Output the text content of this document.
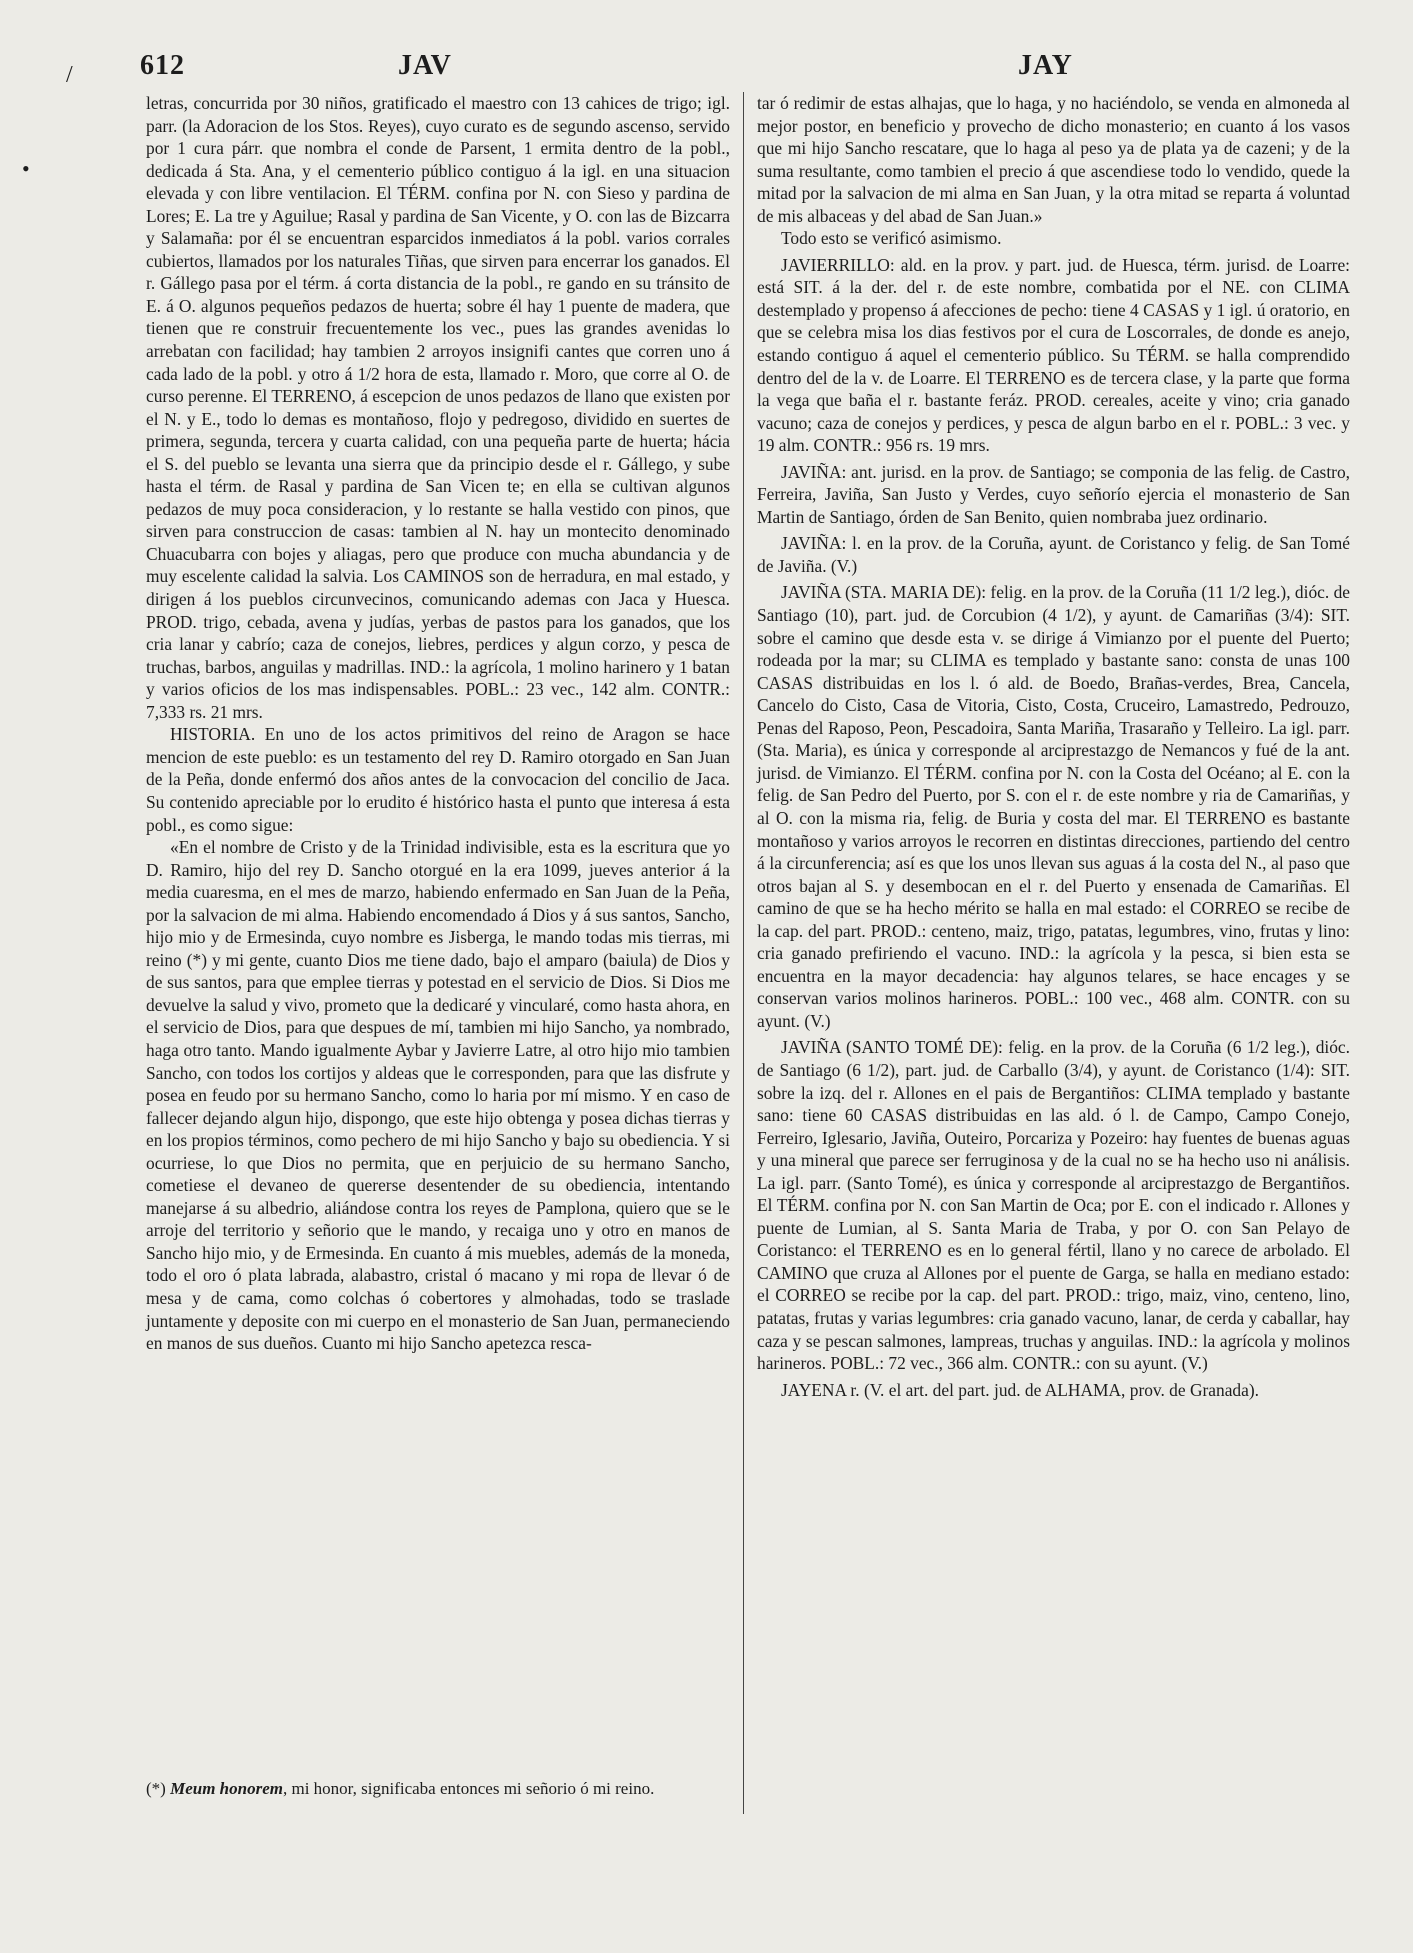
/
•
612	JAV	JAY

letras, concurrida por 30 niños, gratificado el maestro con 13 cahices de trigo; igl. parr. (la Adoracion de los Stos. Reyes), cuyo curato es de segundo ascenso, servido por 1 cura párr. que nombra el conde de Parsent, 1 ermita dentro de la pobl., dedicada á Sta. Ana, y el cementerio público contiguo á la igl. en una situacion elevada y con libre ventilacion. El TÉRM. confina por N. con Sieso y pardina de Lores; E. La tre y Aguilue; Rasal y pardina de San Vicente, y O. con las de Bizcarra y Salamaña: por él se encuentran esparcidos inmediatos á la pobl. varios corrales cubiertos, llamados por los naturales Tiñas, que sirven para encerrar los ganados. El r. Gállego pasa por el térm. á corta distancia de la pobl., re gando en su tránsito de E. á O. algunos pequeños pedazos de huerta; sobre él hay 1 puente de madera, que tienen que re construir frecuentemente los vec., pues las grandes avenidas lo arrebatan con facilidad; hay tambien 2 arroyos insignifi cantes que corren uno á cada lado de la pobl. y otro á 1/2 hora de esta, llamado r. Moro, que corre al O. de curso perenne. El TERRENO, á escepcion de unos pedazos de llano que existen por el N. y E., todo lo demas es montañoso, flojo y pedregoso, dividido en suertes de primera, segunda, tercera y cuarta calidad, con una pequeña parte de huerta; hácia el S. del pueblo se levanta una sierra que da principio desde el r. Gállego, y sube hasta el térm. de Rasal y pardina de San Vicen te; en ella se cultivan algunos pedazos de muy poca consideracion, y lo restante se halla vestido con pinos, que sirven para construccion de casas: tambien al N. hay un montecito denominado Chuacubarra con bojes y aliagas, pero que produce con mucha abundancia y de muy escelente calidad la salvia. Los CAMINOS son de herradura, en mal estado, y dirigen á los pueblos circunvecinos, comunicando ademas con Jaca y Huesca. PROD. trigo, cebada, avena y judías, yerbas de pastos para los ganados, que los cria lanar y cabrío; caza de conejos, liebres, perdices y algun corzo, y pesca de truchas, barbos, anguilas y madrillas. IND.: la agrícola, 1 molino harinero y 1 batan y varios oficios de los mas indispensables. POBL.: 23 vec., 142 alm. CONTR.: 7,333 rs. 21 mrs.

HISTORIA. En uno de los actos primitivos del reino de Aragon se hace mencion de este pueblo: es un testamento del rey D. Ramiro otorgado en San Juan de la Peña, donde enfermó dos años antes de la convocacion del concilio de Jaca. Su contenido apreciable por lo erudito é histórico hasta el punto que interesa á esta pobl., es como sigue:

«En el nombre de Cristo y de la Trinidad indivisible, esta es la escritura que yo D. Ramiro, hijo del rey D. Sancho otorgué en la era 1099, jueves anterior á la media cuaresma, en el mes de marzo, habiendo enfermado en San Juan de la Peña, por la salvacion de mi alma. Habiendo encomendado á Dios y á sus santos, Sancho, hijo mio y de Ermesinda, cuyo nombre es Jisberga, le mando todas mis tierras, mi reino (*) y mi gente, cuanto Dios me tiene dado, bajo el amparo (baiula) de Dios y de sus santos, para que emplee tierras y potestad en el servicio de Dios. Si Dios me devuelve la salud y vivo, prometo que la dedicaré y vincularé, como hasta ahora, en el servicio de Dios, para que despues de mí, tambien mi hijo Sancho, ya nombrado, haga otro tanto. Mando igualmente Aybar y Javierre Latre, al otro hijo mio tambien Sancho, con todos los cortijos y aldeas que le corresponden, para que las disfrute y posea en feudo por su hermano Sancho, como lo haria por mí mismo. Y en caso de fallecer dejando algun hijo, dispongo, que este hijo obtenga y posea dichas tierras y en los propios términos, como pechero de mi hijo Sancho y bajo su obediencia. Y si ocurriese, lo que Dios no permita, que en perjuicio de su hermano Sancho, cometiese el devaneo de quererse desentender de su obediencia, intentando manejarse á su albedrio, aliándose contra los reyes de Pamplona, quiero que se le arroje del territorio y señorio que le mando, y recaiga uno y otro en manos de Sancho hijo mio, y de Ermesinda. En cuanto á mis muebles, además de la moneda, todo el oro ó plata labrada, alabastro, cristal ó macano y mi ropa de llevar ó de mesa y de cama, como colchas ó cobertores y almohadas, todo se traslade juntamente y deposite con mi cuerpo en el monasterio de San Juan, permaneciendo en manos de sus dueños. Cuanto mi hijo Sancho apetezca resca-

(*) Meum honorem, mi honor, significaba entonces mi señorio ó mi reino.

tar ó redimir de estas alhajas, que lo haga, y no haciéndolo, se venda en almoneda al mejor postor, en beneficio y provecho de dicho monasterio; en cuanto á los vasos que mi hijo Sancho rescatare, que lo haga al peso ya de plata ya de cazeni; y de la suma resultante, como tambien el precio á que ascendiese todo lo vendido, quede la mitad por la salvacion de mi alma en San Juan, y la otra mitad se reparta á voluntad de mis albaceas y del abad de San Juan.»

Todo esto se verificó asimismo.

JAVIERRILLO: ald. en la prov. y part. jud. de Huesca, térm. jurisd. de Loarre: está SIT. á la der. del r. de este nombre, combatida por el NE. con CLIMA destemplado y propenso á afecciones de pecho: tiene 4 CASAS y 1 igl. ú oratorio, en que se celebra misa los dias festivos por el cura de Loscorrales, de donde es anejo, estando contiguo á aquel el cementerio público. Su TÉRM. se halla comprendido dentro del de la v. de Loarre. El TERRENO es de tercera clase, y la parte que forma la vega que baña el r. bastante feráz. PROD. cereales, aceite y vino; cria ganado vacuno; caza de conejos y perdices, y pesca de algun barbo en el r. POBL.: 3 vec. y 19 alm. CONTR.: 956 rs. 19 mrs.

JAVIÑA: ant. jurisd. en la prov. de Santiago; se componia de las felig. de Castro, Ferreira, Javiña, San Justo y Verdes, cuyo señorío ejercia el monasterio de San Martin de Santiago, órden de San Benito, quien nombraba juez ordinario.

JAVIÑA: l. en la prov. de la Coruña, ayunt. de Coristanco y felig. de San Tomé de Javiña. (V.)

JAVIÑA (STA. MARIA DE): felig. en la prov. de la Coruña (11 1/2 leg.), dióc. de Santiago (10), part. jud. de Corcubion (4 1/2), y ayunt. de Camariñas (3/4): SIT. sobre el camino que desde esta v. se dirige á Vimianzo por el puente del Puerto; rodeada por la mar; su CLIMA es templado y bastante sano: consta de unas 100 CASAS distribuidas en los l. ó ald. de Boedo, Brañas-verdes, Brea, Cancela, Cancelo do Cisto, Casa de Vitoria, Cisto, Costa, Cruceiro, Lamastredo, Pedrouzo, Penas del Raposo, Peon, Pescadoira, Santa Mariña, Trasaraño y Telleiro. La igl. parr. (Sta. Maria), es única y corresponde al arciprestazgo de Nemancos y fué de la ant. jurisd. de Vimianzo. El TÉRM. confina por N. con la Costa del Océano; al E. con la felig. de San Pedro del Puerto, por S. con el r. de este nombre y ria de Camariñas, y al O. con la misma ria, felig. de Buria y costa del mar. El TERRENO es bastante montañoso y varios arroyos le recorren en distintas direcciones, partiendo del centro á la circunferencia; así es que los unos llevan sus aguas á la costa del N., al paso que otros bajan al S. y desembocan en el r. del Puerto y ensenada de Camariñas. El camino de que se ha hecho mérito se halla en mal estado: el CORREO se recibe de la cap. del part. PROD.: centeno, maiz, trigo, patatas, legumbres, vino, frutas y lino: cria ganado prefiriendo el vacuno. IND.: la agrícola y la pesca, si bien esta se encuentra en la mayor decadencia: hay algunos telares, se hace encages y se conservan varios molinos harineros. POBL.: 100 vec., 468 alm. CONTR. con su ayunt. (V.)

JAVIÑA (SANTO TOMÉ DE): felig. en la prov. de la Coruña (6 1/2 leg.), dióc. de Santiago (6 1/2), part. jud. de Carballo (3/4), y ayunt. de Coristanco (1/4): SIT. sobre la izq. del r. Allones en el pais de Bergantiños: CLIMA templado y bastante sano: tiene 60 CASAS distribuidas en las ald. ó l. de Campo, Campo Conejo, Ferreiro, Iglesario, Javiña, Outeiro, Porcariza y Pozeiro: hay fuentes de buenas aguas y una mineral que parece ser ferruginosa y de la cual no se ha hecho uso ni análisis. La igl. parr. (Santo Tomé), es única y corresponde al arciprestazgo de Bergantiños. El TÉRM. confina por N. con San Martin de Oca; por E. con el indicado r. Allones y puente de Lumian, al S. Santa Maria de Traba, y por O. con San Pelayo de Coristanco: el TERRENO es en lo general fértil, llano y no carece de arbolado. El CAMINO que cruza al Allones por el puente de Garga, se halla en mediano estado: el CORREO se recibe por la cap. del part. PROD.: trigo, maiz, vino, centeno, lino, patatas, frutas y varias legumbres: cria ganado vacuno, lanar, de cerda y caballar, hay caza y se pescan salmones, lampreas, truchas y anguilas. IND.: la agrícola y molinos harineros. POBL.: 72 vec., 366 alm. CONTR.: con su ayunt. (V.)

JAYENA r. (V. el art. del part. jud. de ALHAMA, prov. de Granada).
